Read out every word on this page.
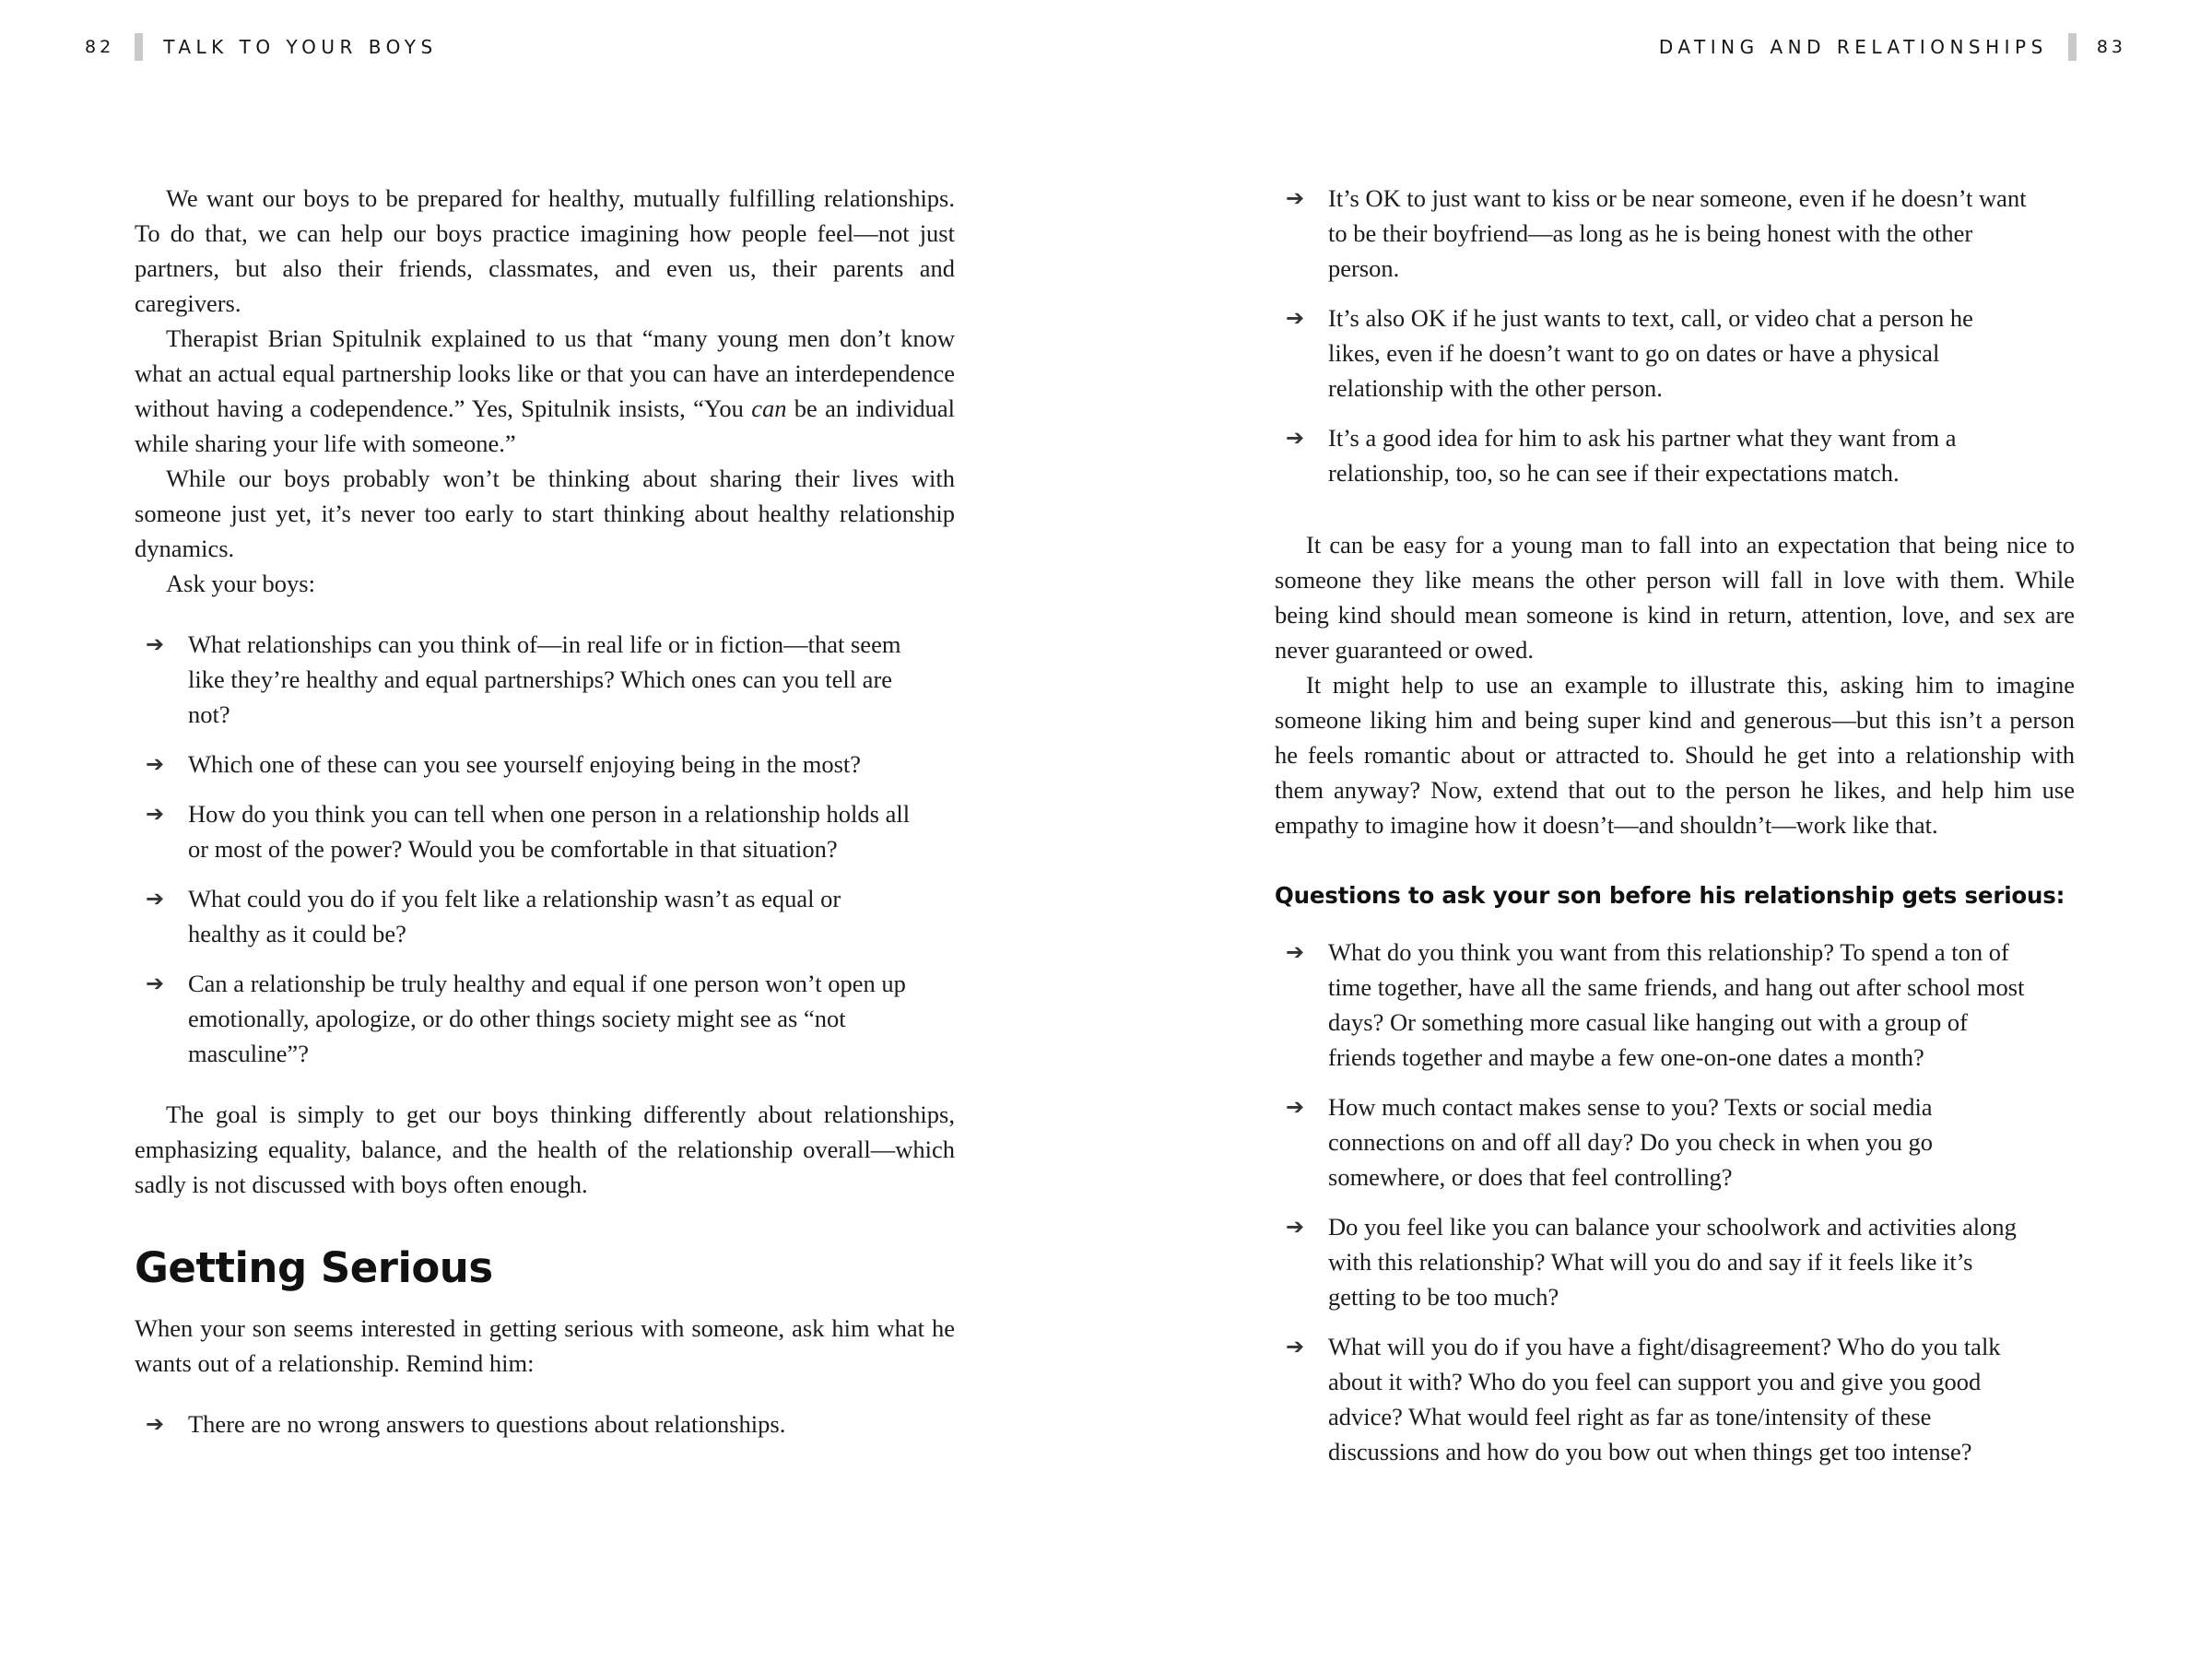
82	TALK TO YOUR BOYS	DATING AND RELATIONSHIPS	83

We want our boys to be prepared for healthy, mutually fulfilling relationships. To do that, we can help our boys practice imagining how people feel—not just partners, but also their friends, classmates, and even us, their parents and caregivers.

Therapist Brian Spitulnik explained to us that “many young men don’t know what an actual equal partnership looks like or that you can have an interdependence without having a codependence.” Yes, Spitulnik insists, “You can be an individual while sharing your life with someone.”

While our boys probably won’t be thinking about sharing their lives with someone just yet, it’s never too early to start thinking about healthy relationship dynamics.

Ask your boys:

➔ What relationships can you think of—in real life or in fiction—that seem like they’re healthy and equal partnerships? Which ones can you tell are not?
➔ Which one of these can you see yourself enjoying being in the most?
➔ How do you think you can tell when one person in a relationship holds all or most of the power? Would you be comfortable in that situation?
➔ What could you do if you felt like a relationship wasn’t as equal or healthy as it could be?
➔ Can a relationship be truly healthy and equal if one person won’t open up emotionally, apologize, or do other things society might see as “not masculine”?

The goal is simply to get our boys thinking differently about relationships, emphasizing equality, balance, and the health of the relationship overall—which sadly is not discussed with boys often enough.

Getting Serious

When your son seems interested in getting serious with someone, ask him what he wants out of a relationship. Remind him:

➔ There are no wrong answers to questions about relationships.
➔ It’s OK to just want to kiss or be near someone, even if he doesn’t want to be their boyfriend—as long as he is being honest with the other person.
➔ It’s also OK if he just wants to text, call, or video chat a person he likes, even if he doesn’t want to go on dates or have a physical relationship with the other person.
➔ It’s a good idea for him to ask his partner what they want from a relationship, too, so he can see if their expectations match.

It can be easy for a young man to fall into an expectation that being nice to someone they like means the other person will fall in love with them. While being kind should mean someone is kind in return, attention, love, and sex are never guaranteed or owed.

It might help to use an example to illustrate this, asking him to imagine someone liking him and being super kind and generous—but this isn’t a person he feels romantic about or attracted to. Should he get into a relationship with them anyway? Now, extend that out to the person he likes, and help him use empathy to imagine how it doesn’t—and shouldn’t—work like that.

Questions to ask your son before his relationship gets serious:
➔ What do you think you want from this relationship? To spend a ton of time together, have all the same friends, and hang out after school most days? Or something more casual like hanging out with a group of friends together and maybe a few one-on-one dates a month?
➔ How much contact makes sense to you? Texts or social media connections on and off all day? Do you check in when you go somewhere, or does that feel controlling?
➔ Do you feel like you can balance your schoolwork and activities along with this relationship? What will you do and say if it feels like it’s getting to be too much?
➔ What will you do if you have a fight/disagreement? Who do you talk about it with? Who do you feel can support you and give you good advice? What would feel right as far as tone/intensity of these discussions and how do you bow out when things get too intense?
